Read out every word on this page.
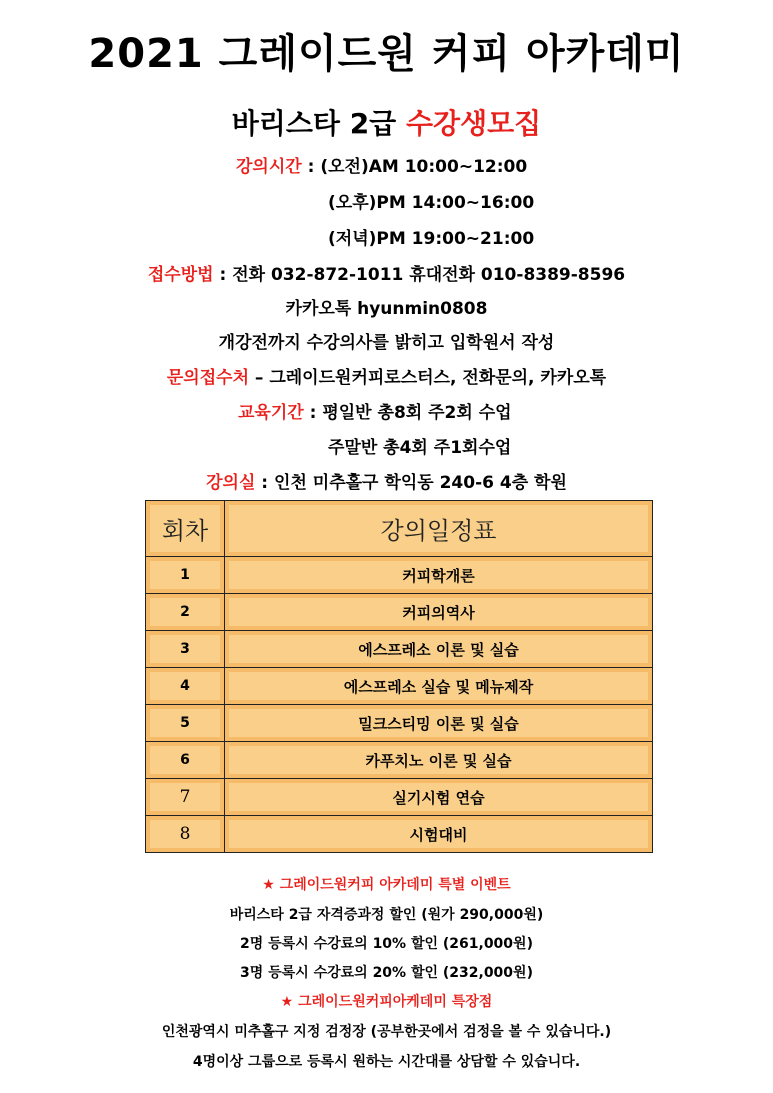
2021 그레이드원 커피 아카데미
바리스타 2급 수강생모집
강의시간 : (오전)AM 10:00~12:00
(오후)PM 14:00~16:00
(저녁)PM 19:00~21:00
접수방법 : 전화 032-872-1011 휴대전화 010-8389-8596
카카오톡 hyunmin0808
개강전까지 수강의사를 밝히고 입학원서 작성
문의접수처 – 그레이드원커피로스터스, 전화문의, 카카오톡
교육기간 : 평일반 총8회 주2회 수업
주말반 총4회 주1회수업
강의실 : 인천 미추홀구 학익동 240-6 4층 학원
회차	강의일정표
1	커피학개론
2	커피의역사
3	에스프레소 이론 및 실습
4	에스프레소 실습 및 메뉴제작
5	밀크스티밍 이론 및 실습
6	카푸치노 이론 및 실습
7	실기시험 연습
8	시험대비
★ 그레이드원커피 아카데미 특별 이벤트
바리스타 2급 자격증과정 할인 (원가 290,000원)
2명 등록시 수강료의 10% 할인 (261,000원)
3명 등록시 수강료의 20% 할인 (232,000원)
★ 그레이드원커피아케데미 특장점
인천광역시 미추홀구 지정 검정장 (공부한곳에서 검정을 볼 수 있습니다.)
4명이상 그룹으로 등록시 원하는 시간대를 상담할 수 있습니다.
